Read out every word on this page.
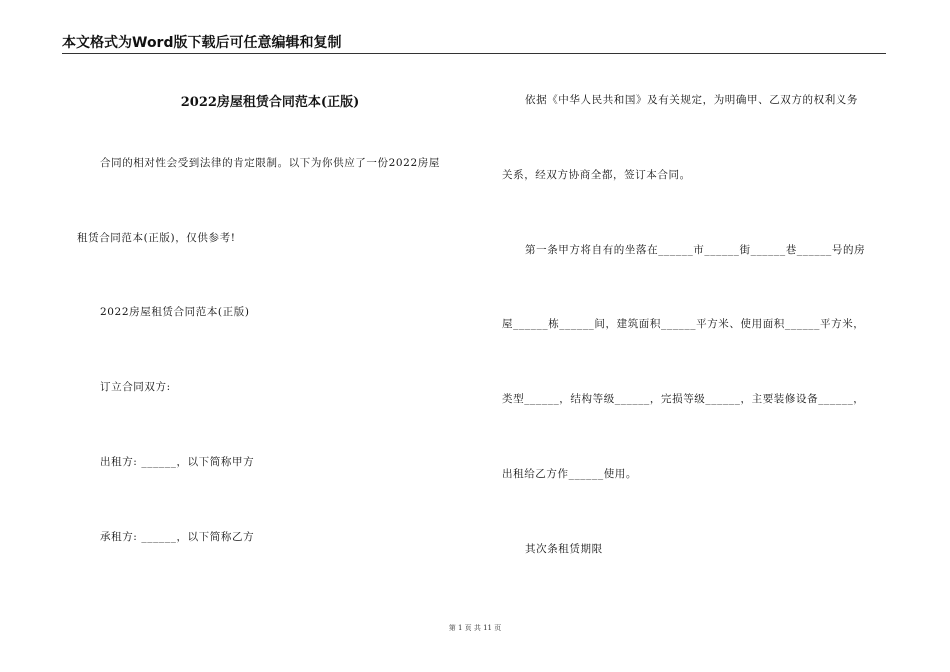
本文格式为Word版下载后可任意编辑和复制
2022房屋租赁合同范本(正版)
合同的相对性会受到法律的肯定限制。以下为你供应了一份2022房屋
租赁合同范本(正版)，仅供参考!
2022房屋租赁合同范本(正版)
订立合同双方:
出租方: ______，以下简称甲方
承租方: ______，以下简称乙方
依据《中华人民共和国》及有关规定，为明确甲、乙双方的权利义务
关系，经双方协商全都，签订本合同。
第一条甲方将自有的坐落在______市______街______巷______号的房
屋______栋______间，建筑面积______平方米、使用面积______平方米，
类型______，结构等级______，完损等级______，主要装修设备______，
出租给乙方作______使用。
其次条租赁期限
第 1 页 共 11 页
